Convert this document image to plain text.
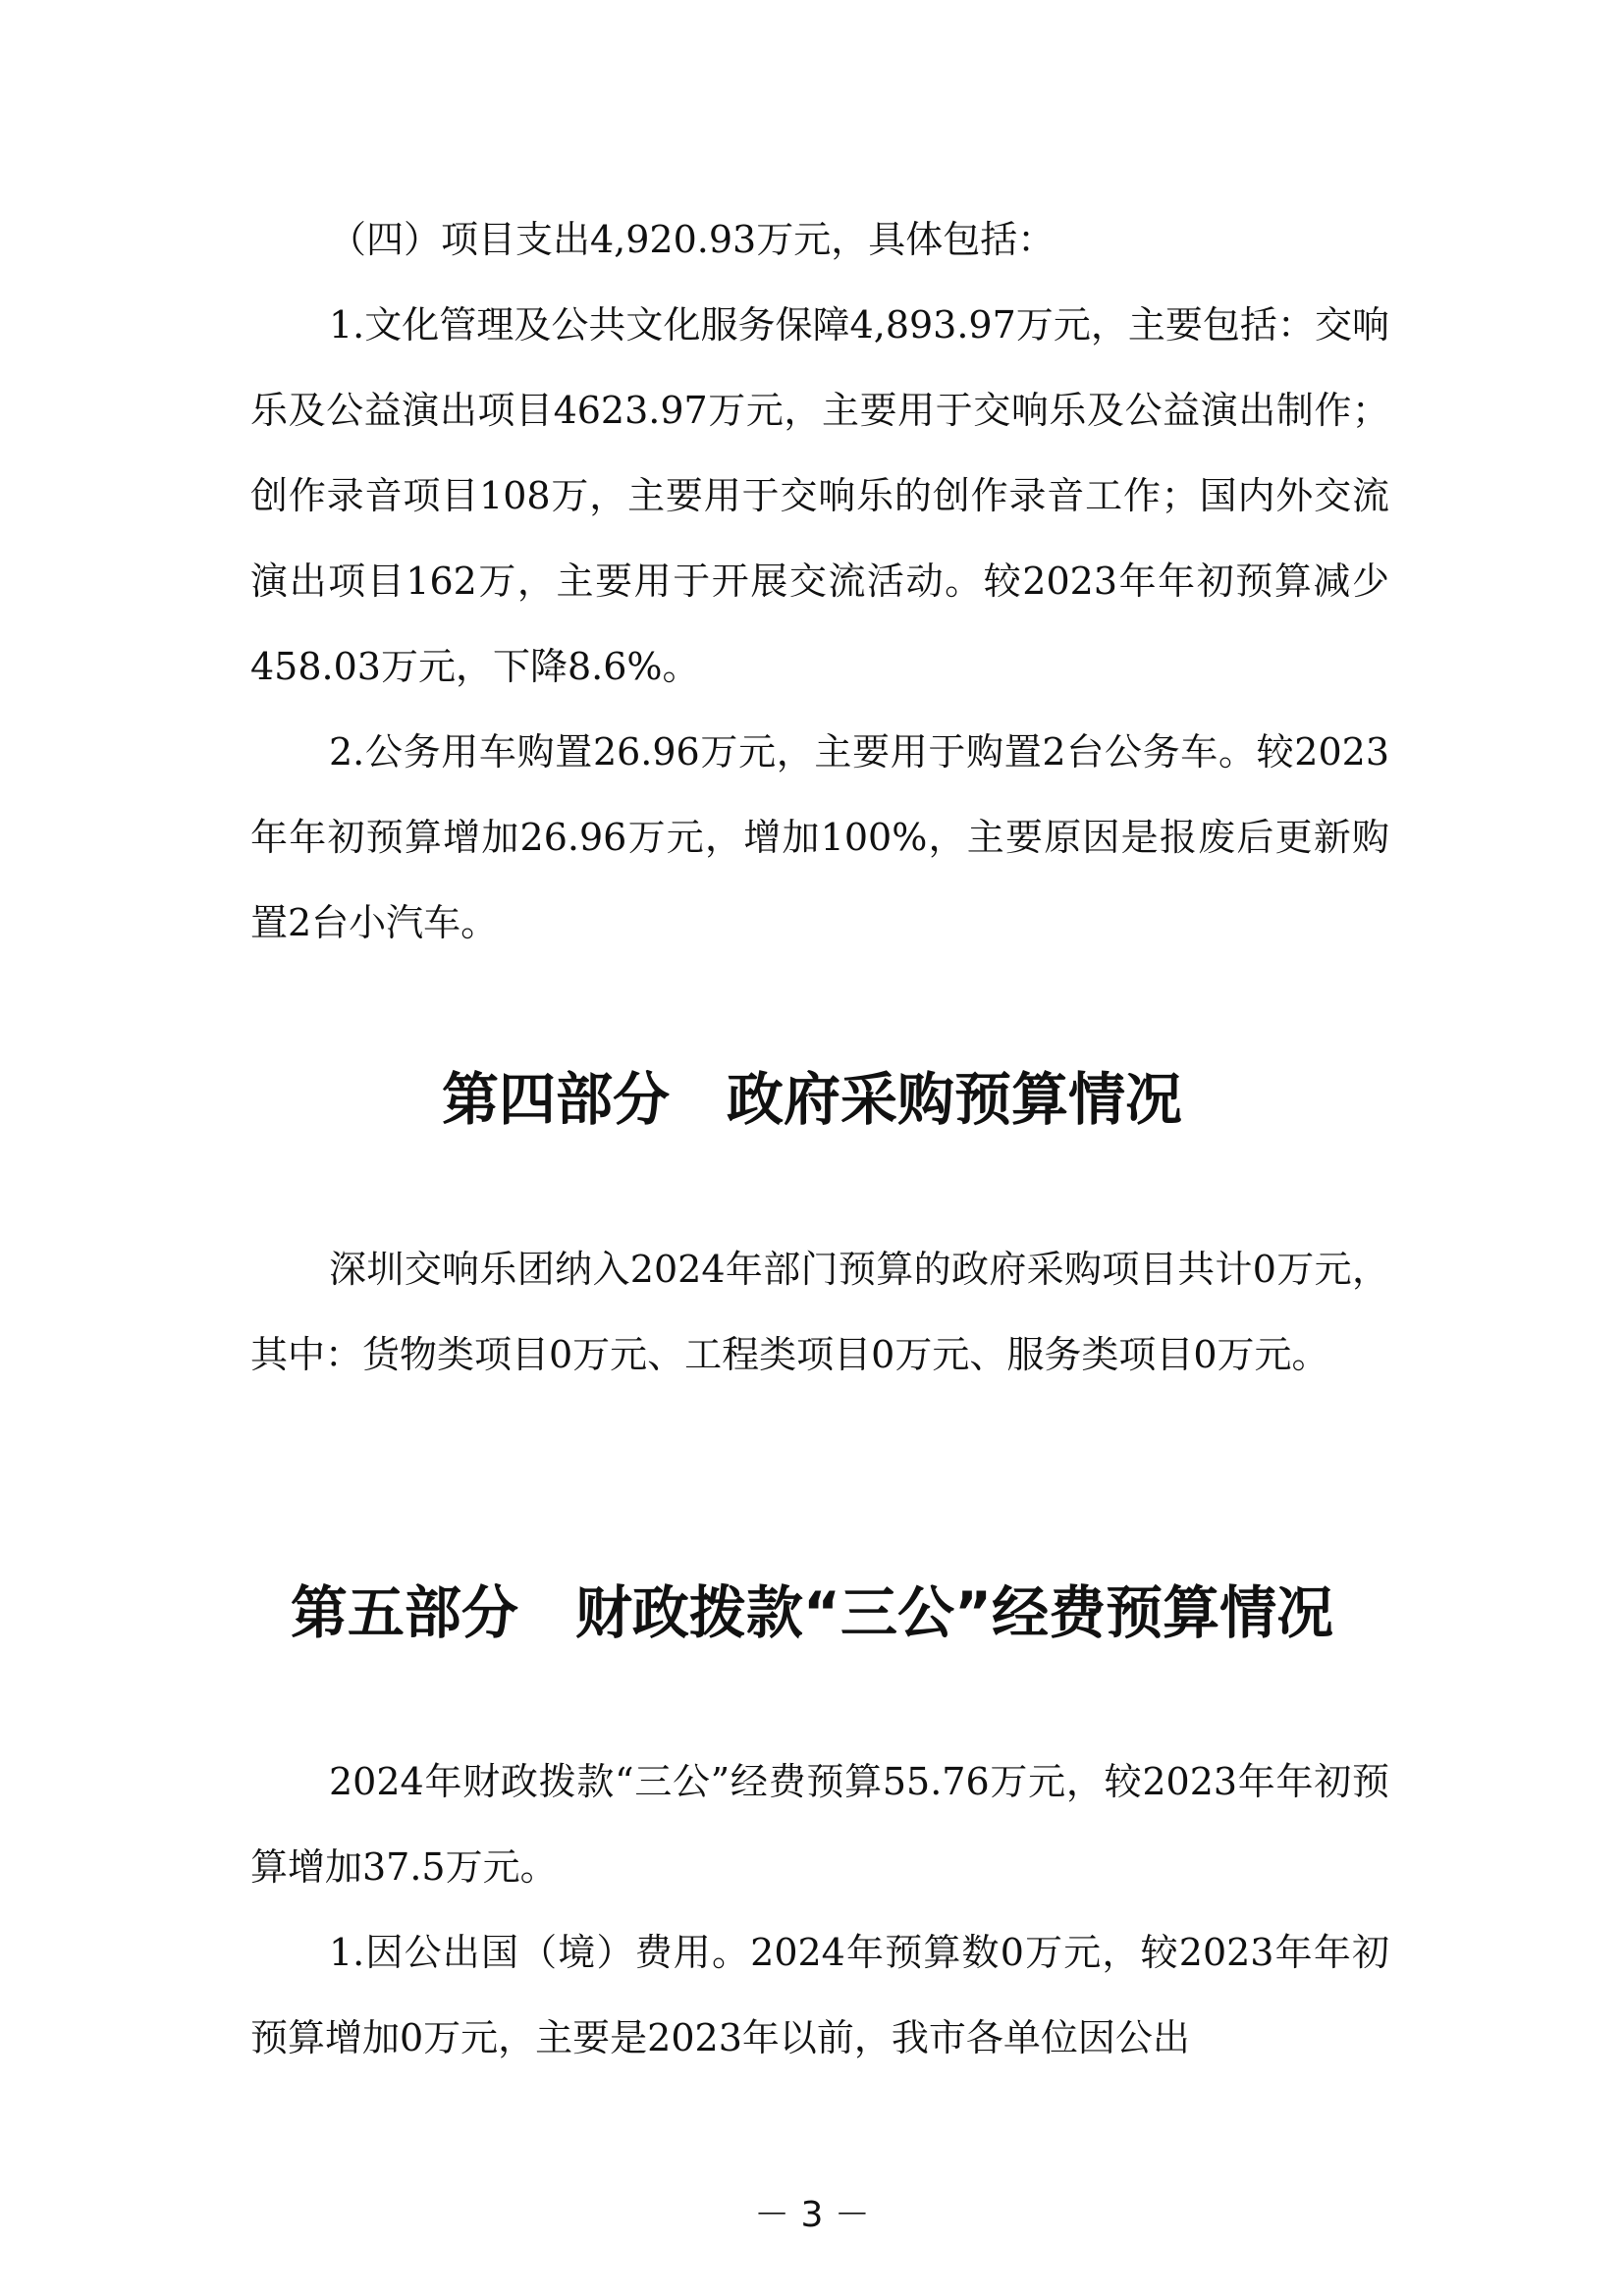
（四）项目支出4,920.93万元，具体包括：

1.文化管理及公共文化服务保障4,893.97万元，主要包括：交响乐及公益演出项目4623.97万元，主要用于交响乐及公益演出制作；创作录音项目108万，主要用于交响乐的创作录音工作；国内外交流演出项目162万，主要用于开展交流活动。较2023年年初预算减少458.03万元，下降8.6%。

2.公务用车购置26.96万元，主要用于购置2台公务车。较2023年年初预算增加26.96万元，增加100%，主要原因是报废后更新购置2台小汽车。

第四部分　政府采购预算情况

深圳交响乐团纳入2024年部门预算的政府采购项目共计0万元，其中：货物类项目0万元、工程类项目0万元、服务类项目0万元。

第五部分　财政拨款“三公”经费预算情况

2024年财政拨款“三公”经费预算55.76万元，较2023年年初预算增加37.5万元。

1.因公出国（境）费用。2024年预算数0万元，较2023年年初预算增加0万元，主要是2023年以前，我市各单位因公出

－ 3 －
